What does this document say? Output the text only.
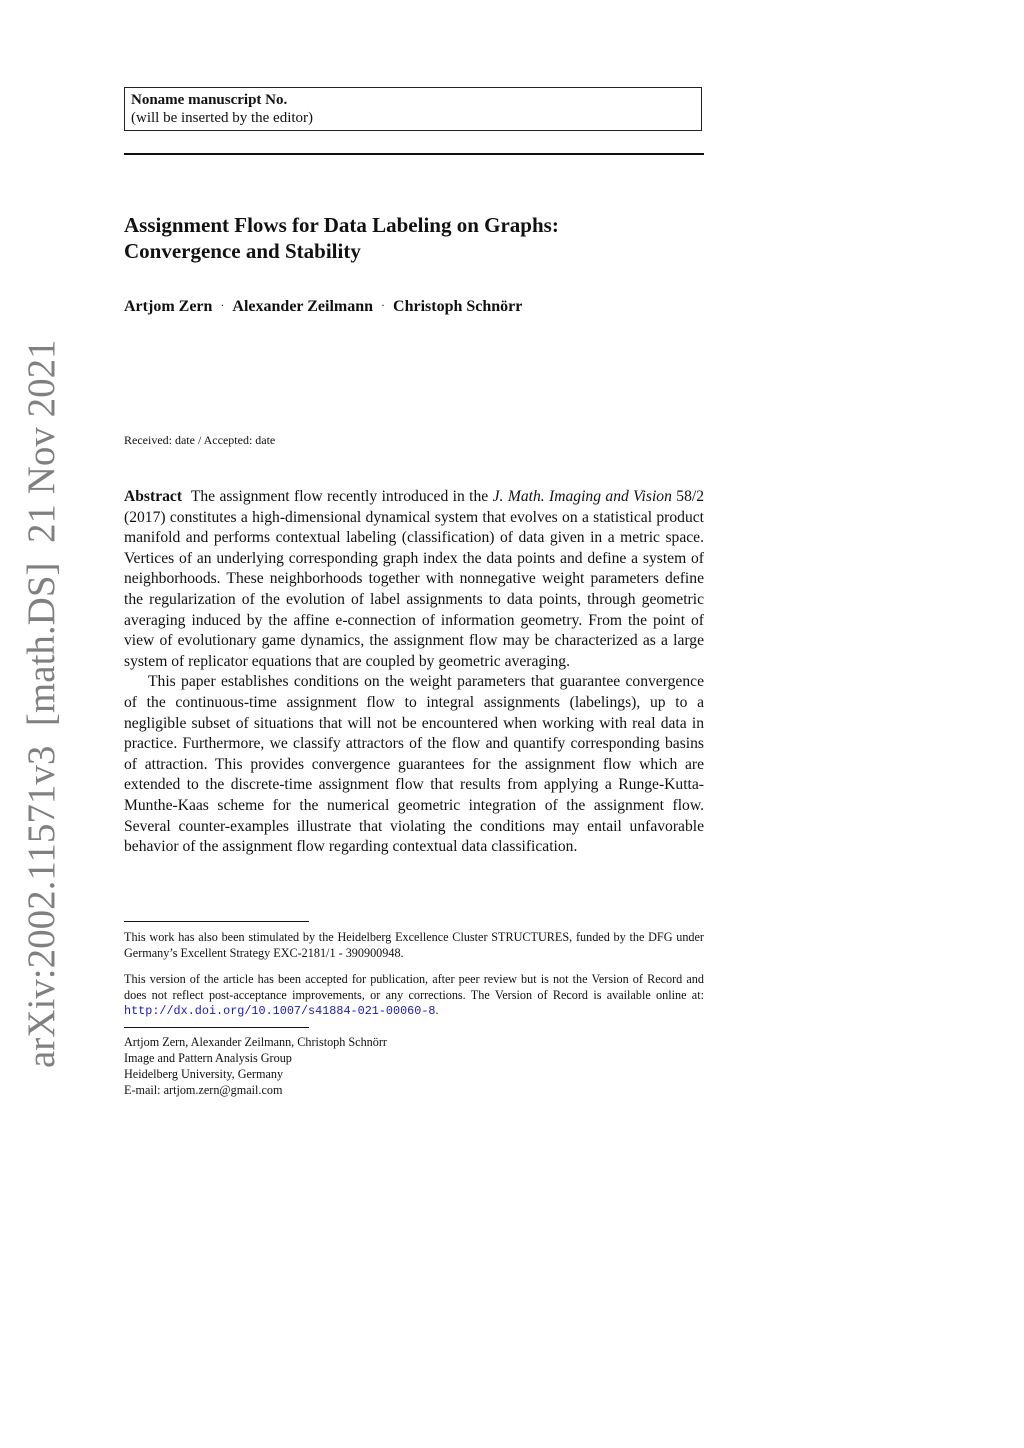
Noname manuscript No.
(will be inserted by the editor)
Assignment Flows for Data Labeling on Graphs:
Convergence and Stability
Artjom Zern · Alexander Zeilmann · Christoph Schnörr
Received: date / Accepted: date

Abstract The assignment flow recently introduced in the J. Math. Imaging and Vision 58/2 (2017) constitutes a high-dimensional dynamical system that evolves on a statistical product manifold and performs contextual labeling (classification) of data given in a metric space. Vertices of an underlying corresponding graph index the data points and define a system of neighborhoods. These neighborhoods together with nonnegative weight parameters define the regularization of the evolution of label assignments to data points, through geometric averaging induced by the affine e-connection of information geometry. From the point of view of evolutionary game dynamics, the assignment flow may be characterized as a large system of replicator equations that are coupled by geometric averaging.

This paper establishes conditions on the weight parameters that guarantee convergence of the continuous-time assignment flow to integral assignments (labelings), up to a negligible subset of situations that will not be encountered when working with real data in practice. Furthermore, we classify attractors of the flow and quantify corresponding basins of attraction. This provides convergence guarantees for the assignment flow which are extended to the discrete-time assignment flow that results from applying a Runge-Kutta-Munthe-Kaas scheme for the numerical geometric integration of the assignment flow. Several counter-examples illustrate that violating the conditions may entail unfavorable behavior of the assignment flow regarding contextual data classification.

This work has also been stimulated by the Heidelberg Excellence Cluster STRUCTURES, funded by the DFG under Germany’s Excellent Strategy EXC-2181/1 - 390900948.

This version of the article has been accepted for publication, after peer review but is not the Version of Record and does not reflect post-acceptance improvements, or any corrections. The Version of Record is available online at: http://dx.doi.org/10.1007/s41884-021-00060-8.

Artjom Zern, Alexander Zeilmann, Christoph Schnörr
Image and Pattern Analysis Group
Heidelberg University, Germany
E-mail: artjom.zern@gmail.com
arXiv:2002.11571v3  [math.DS]  21 Nov 2021
